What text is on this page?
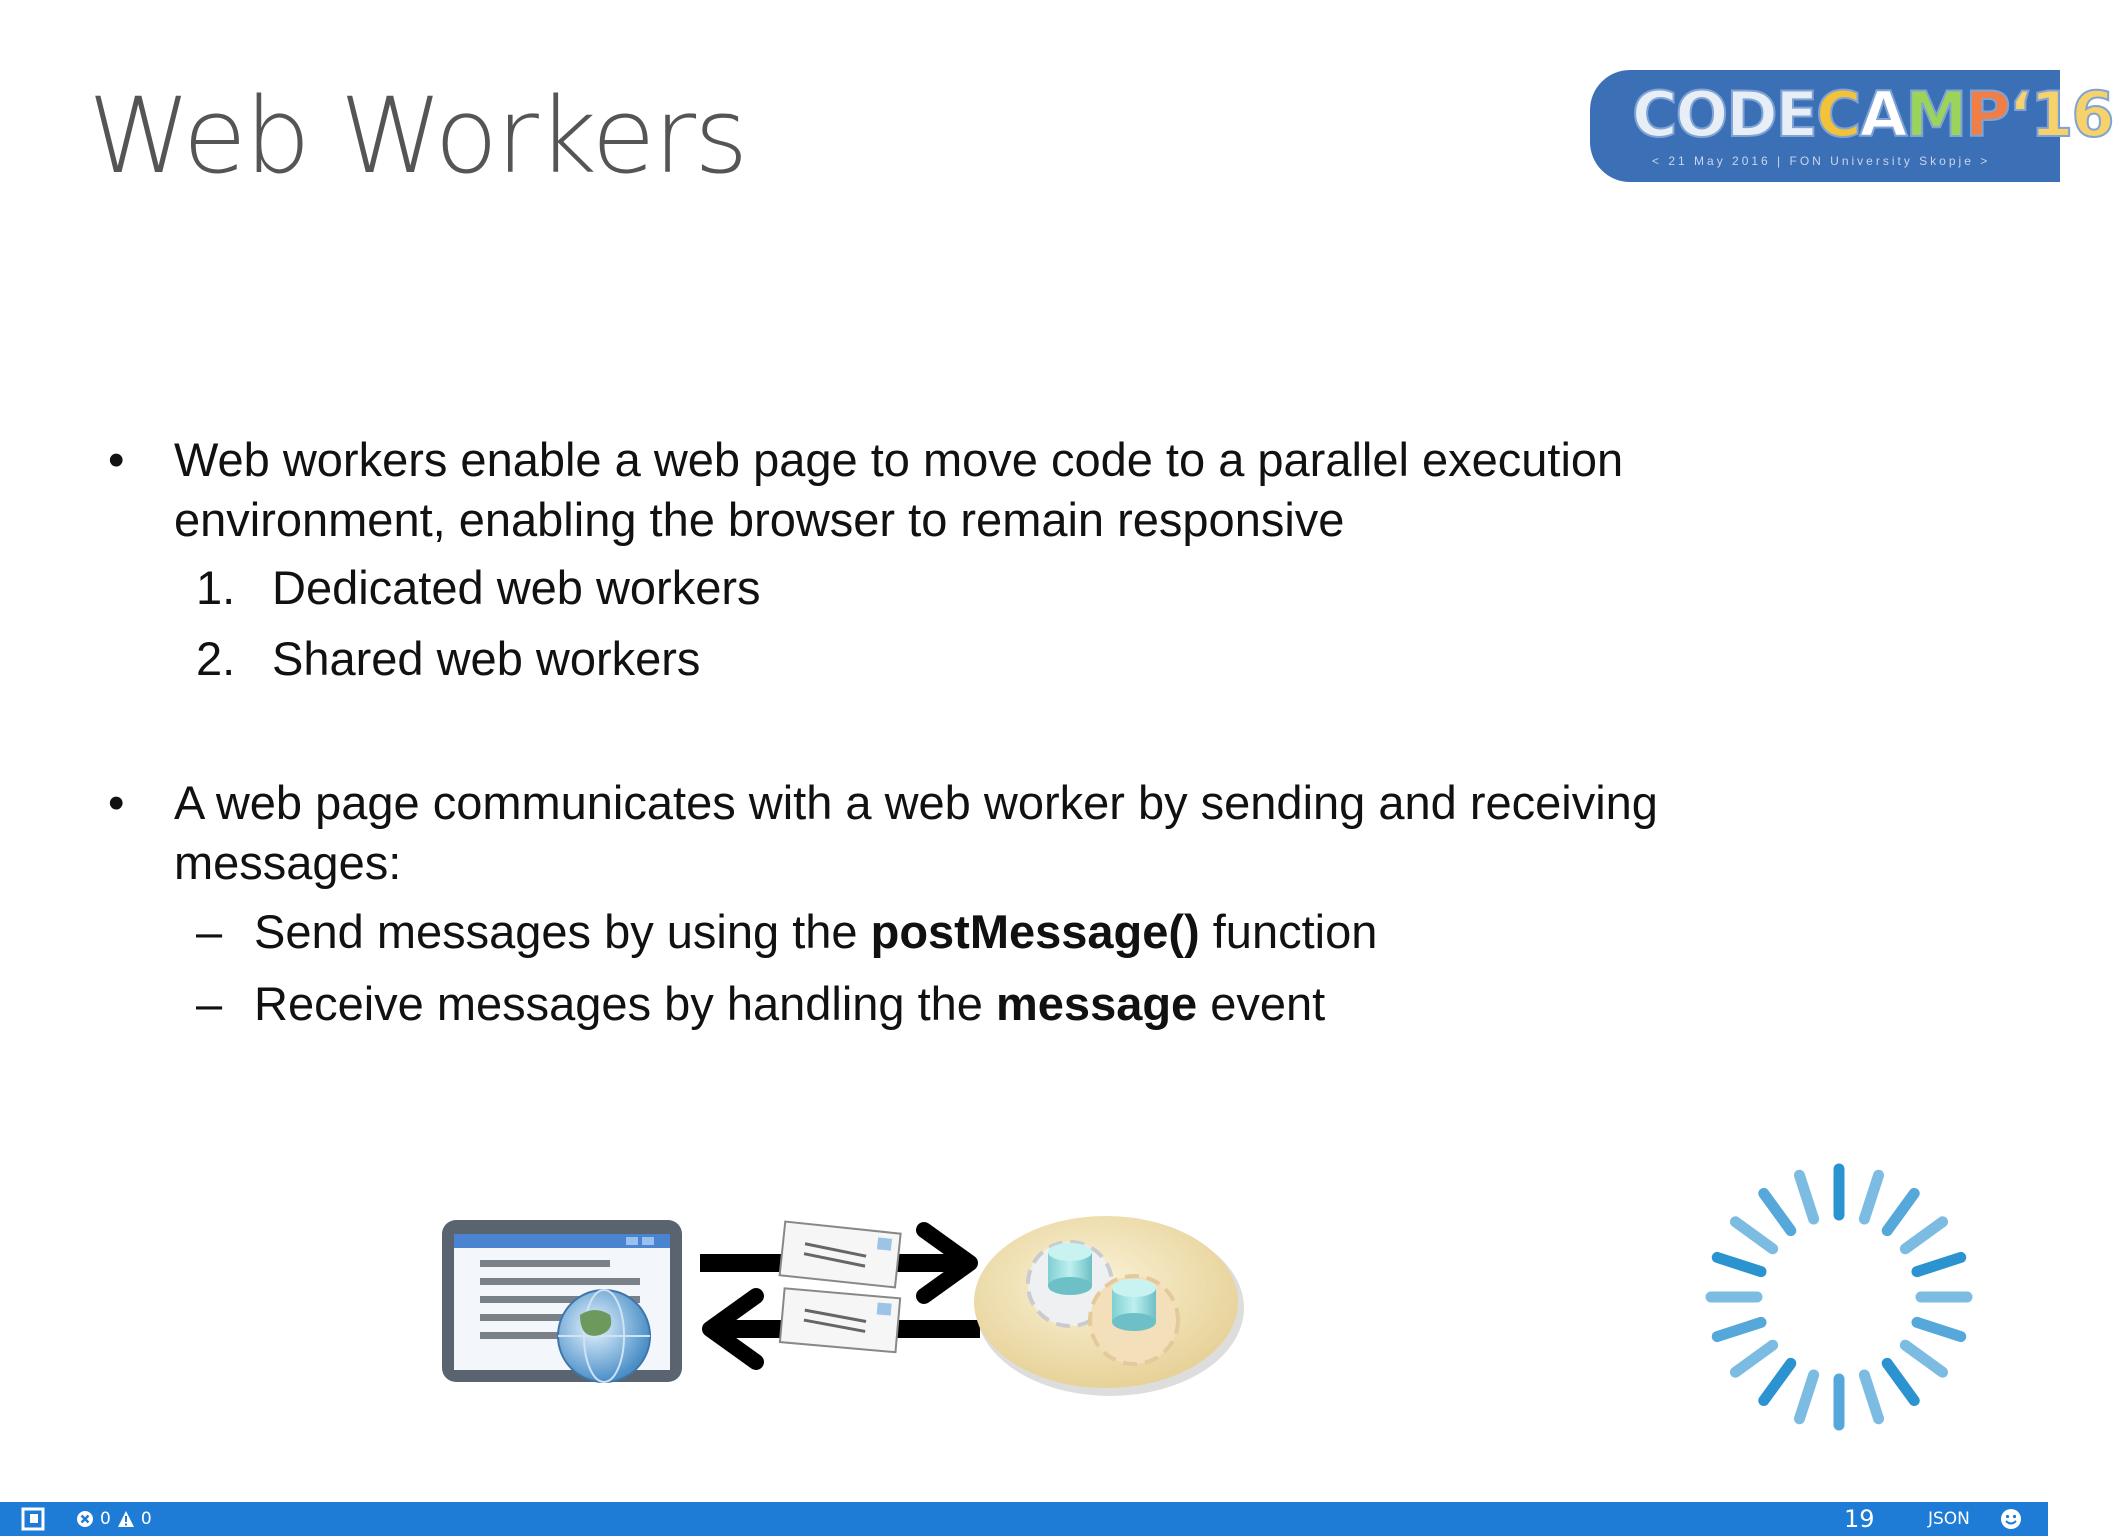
Web Workers	CODECAMP‘16
< 21 May 2016 | FON University Skopje >
• Web workers enable a web page to move code to a parallel execution environment, enabling the browser to remain responsive
1. Dedicated web workers
2. Shared web workers
• A web page communicates with a web worker by sending and receiving messages:
– Send messages by using the postMessage() function
– Receive messages by handling the message event
0 0	19	JSON
